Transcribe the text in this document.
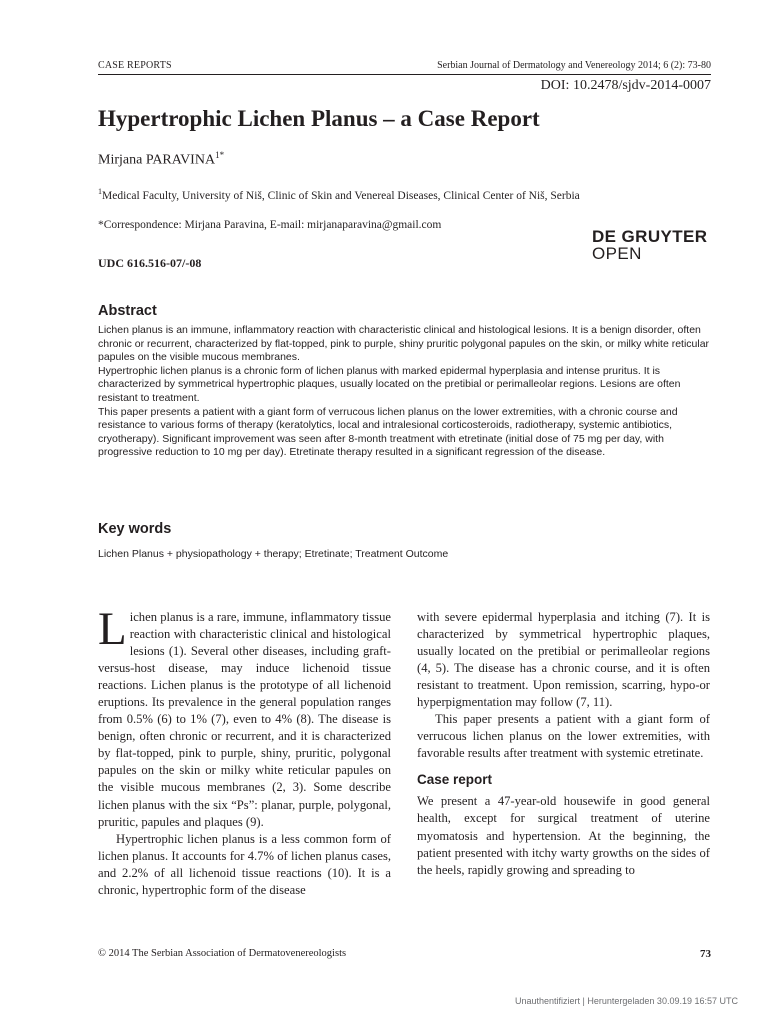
CASE REPORTS	Serbian Journal of Dermatology and Venereology 2014; 6 (2): 73-80
DOI: 10.2478/sjdv-2014-0007
Hypertrophic Lichen Planus – a Case Report
Mirjana $PARAVINA^{1*}$
$^1$Medical Faculty, University of Niš, Clinic of Skin and Venereal Diseases, Clinical Center of Niš, Serbia
*Correspondence: Mirjana Paravina, E-mail: mirjanaparavina@gmail.com
UDC 616.516-07/-08
DE GRUYTER
OPEN
Abstract

Lichen planus is an immune, inflammatory reaction with characteristic clinical and histological lesions. It is a benign disorder, often chronic or recurrent, characterized by flat-topped, pink to purple, shiny pruritic polygonal papules on the skin, or milky white reticular papules on the visible mucous membranes.

Hypertrophic lichen planus is a chronic form of lichen planus with marked epidermal hyperplasia and intense pruritus. It is characterized by symmetrical hypertrophic plaques, usually located on the pretibial or perimalleolar regions. Lesions are often resistant to treatment.

This paper presents a patient with a giant form of verrucous lichen planus on the lower extremities, with a chronic course and resistance to various forms of therapy (keratolytics, local and intralesional corticosteroids, radiotherapy, systemic antibiotics, cryotherapy). Significant improvement was seen after 8-month treatment with etretinate (initial dose of 75 mg per day, with progressive reduction to 10 mg per day). Etretinate therapy resulted in a significant regression of the disease.

Key words
Lichen Planus + physiopathology + therapy; Etretinate; Treatment Outcome

Lichen planus is a rare, immune, inflammatory tissue reaction with characteristic clinical and histological lesions (1). Several other diseases, including graft-versus-host disease, may induce lichenoid tissue reactions. Lichen planus is the prototype of all lichenoid eruptions. Its prevalence in the general population ranges from 0.5% (6) to 1% (7), even to 4% (8). The disease is benign, often chronic or recurrent, and it is characterized by flat-topped, pink to purple, shiny, pruritic, polygonal papules on the skin or milky white reticular papules on the visible mucous membranes (2, 3). Some describe lichen planus with the six “Ps”: planar, purple, polygonal, pruritic, papules and plaques (9).

Hypertrophic lichen planus is a less common form of lichen planus. It accounts for 4.7% of lichen planus cases, and 2.2% of all lichenoid tissue reactions (10). It is a chronic, hypertrophic form of the disease

with severe epidermal hyperplasia and itching (7). It is characterized by symmetrical hypertrophic plaques, usually located on the pretibial or perimalleolar regions (4, 5). The disease has a chronic course, and it is often resistant to treatment. Upon remission, scarring, hypo-or hyperpigmentation may follow (7, 11).

This paper presents a patient with a giant form of verrucous lichen planus on the lower extremities, with favorable results after treatment with systemic etretinate.

Case report

We present a 47-year-old housewife in good general health, except for surgical treatment of uterine myomatosis and hypertension. At the beginning, the patient presented with itchy warty growths on the sides of the heels, rapidly growing and spreading to

© 2014 The Serbian Association of Dermatovenereologists	73
Unauthentifiziert | Heruntergeladen 30.09.19 16:57 UTC
